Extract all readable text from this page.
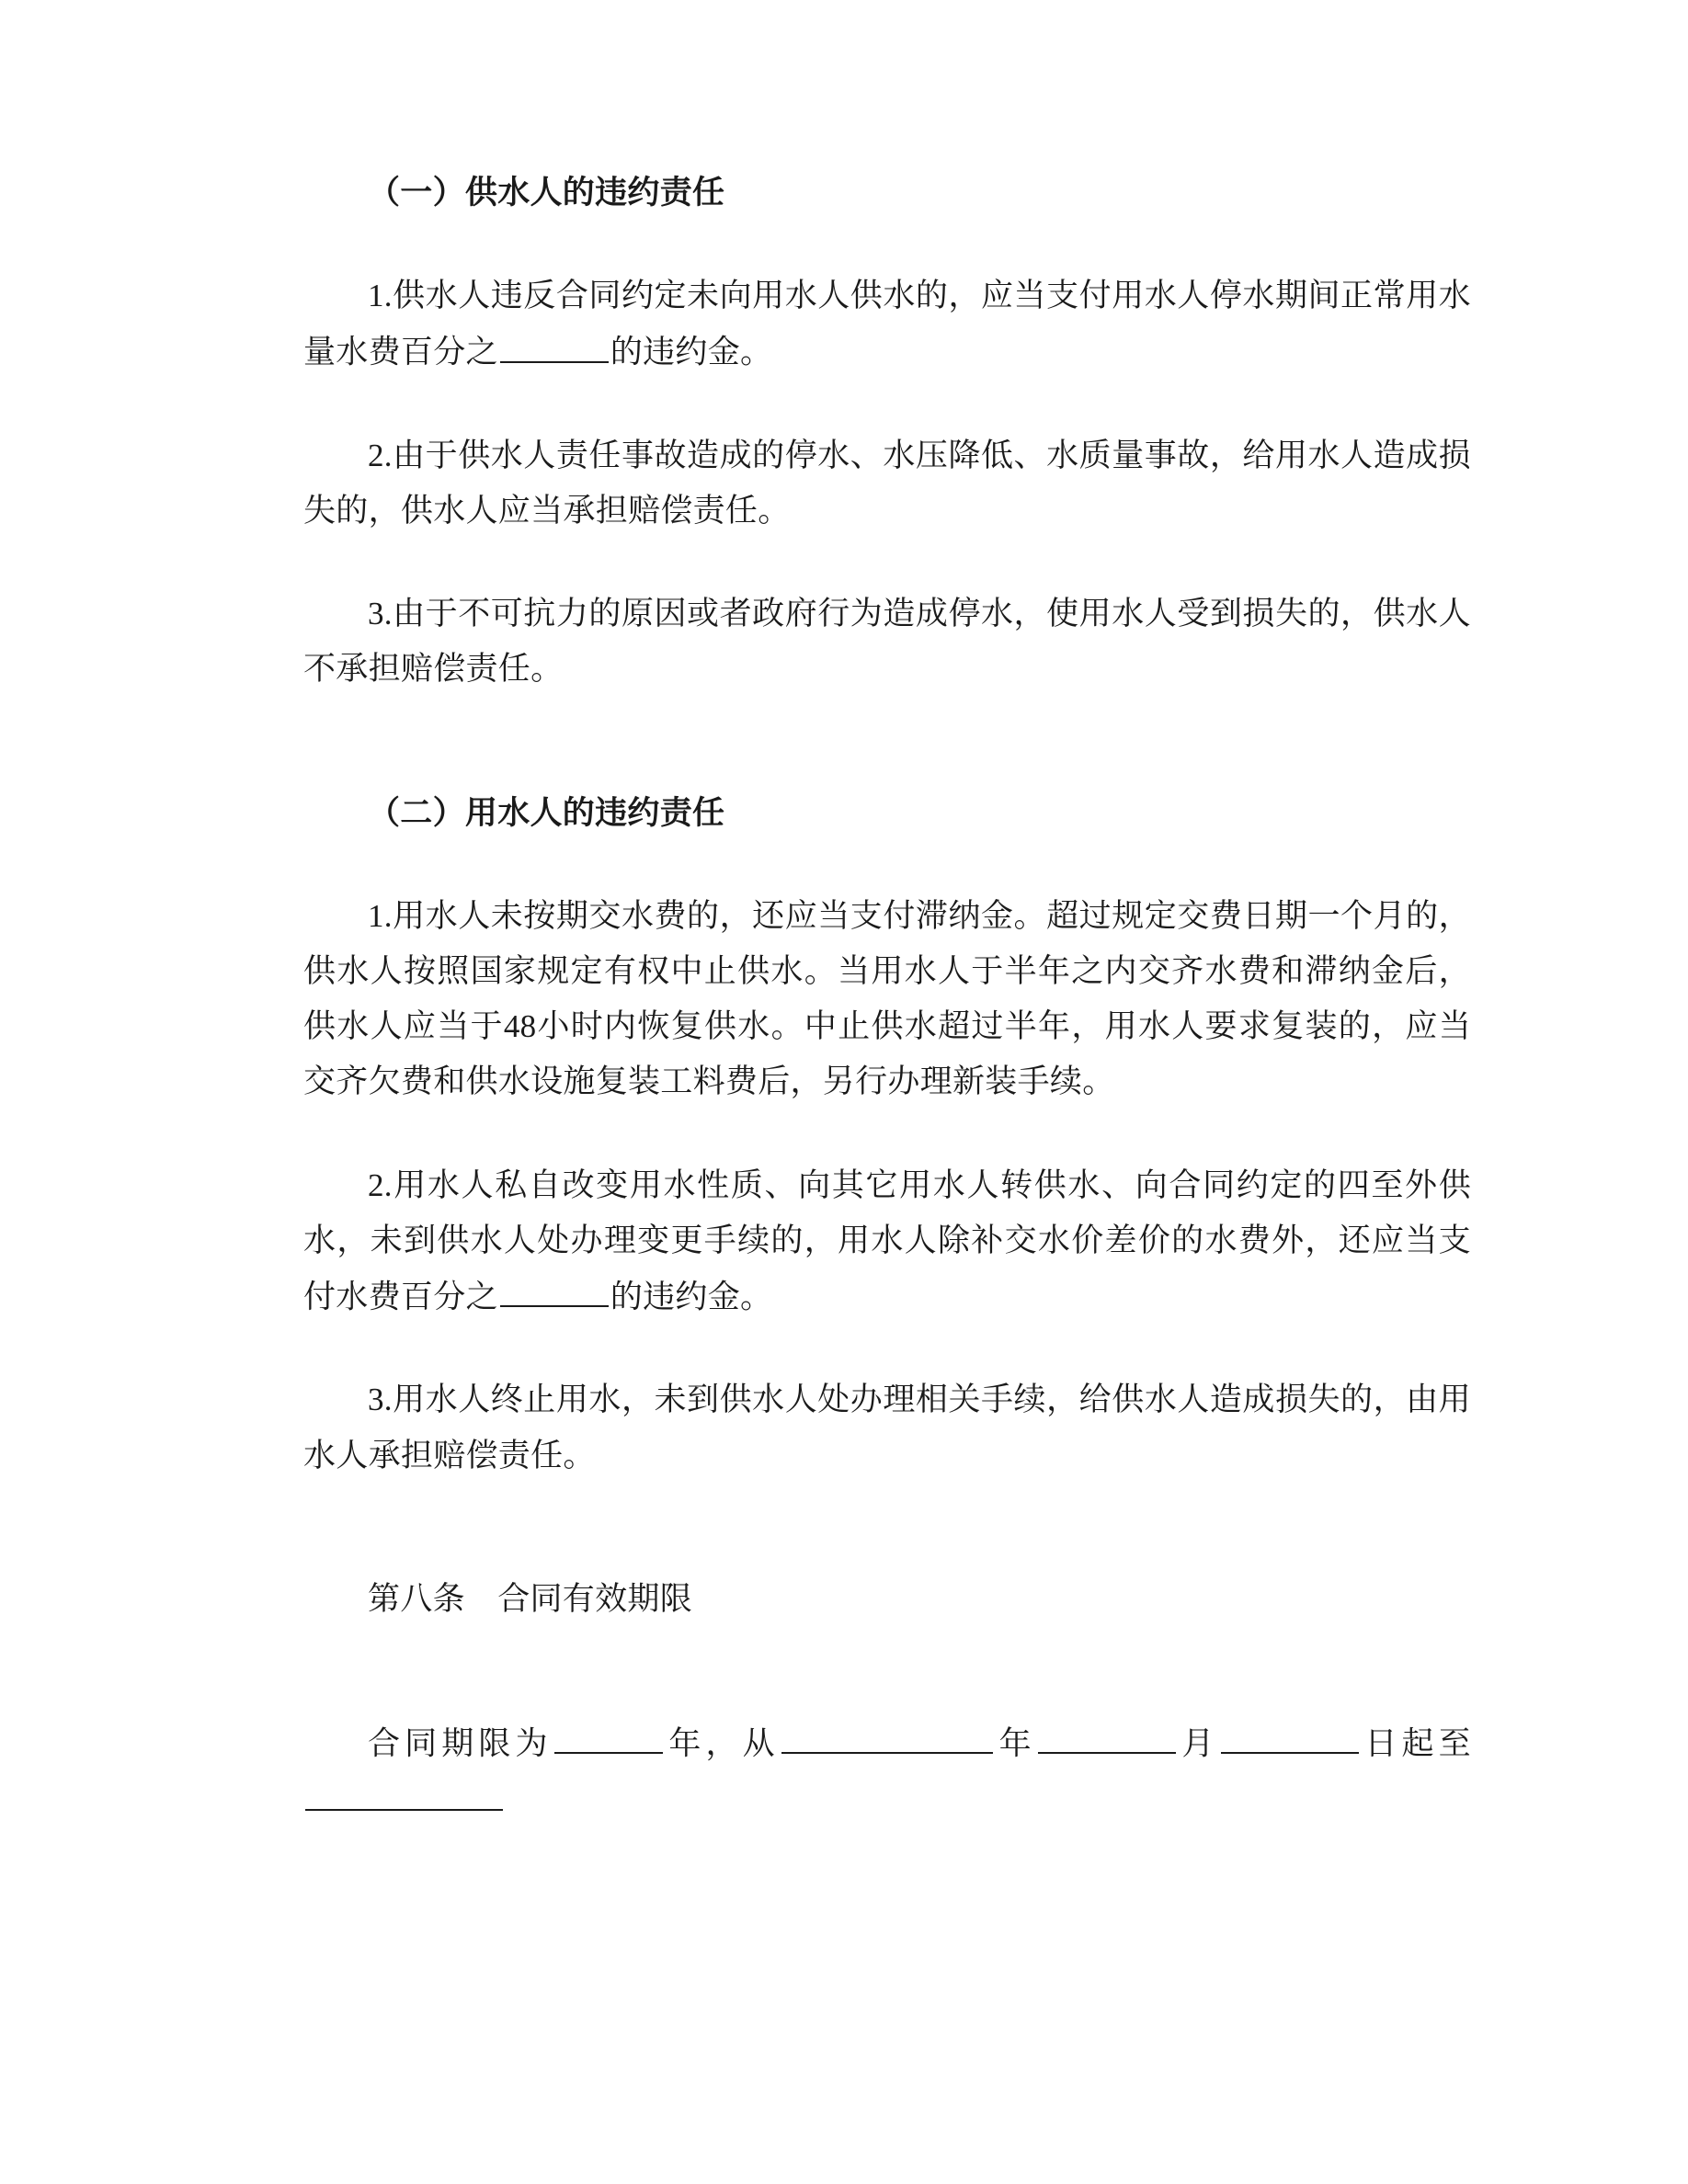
（一）供水人的违约责任

1.供水人违反合同约定未向用水人供水的，应当支付用水人停水期间正常用水量水费百分之	的违约金。

2.由于供水人责任事故造成的停水、水压降低、水质量事故，给用水人造成损失的，供水人应当承担赔偿责任。

3.由于不可抗力的原因或者政府行为造成停水，使用水人受到损失的，供水人不承担赔偿责任。

（二）用水人的违约责任

1.用水人未按期交水费的，还应当支付滞纳金。超过规定交费日期一个月的，供水人按照国家规定有权中止供水。当用水人于半年之内交齐水费和滞纳金后，供水人应当于48小时内恢复供水。中止供水超过半年，用水人要求复装的，应当交齐欠费和供水设施复装工料费后，另行办理新装手续。

2.用水人私自改变用水性质、向其它用水人转供水、向合同约定的四至外供水，未到供水人处办理变更手续的，用水人除补交水价差价的水费外，还应当支付水费百分之	的违约金。

3.用水人终止用水，未到供水人处办理相关手续，给供水人造成损失的，由用水人承担赔偿责任。

第八条　合同有效期限

合同期限为	年，从	年	月	日起至
